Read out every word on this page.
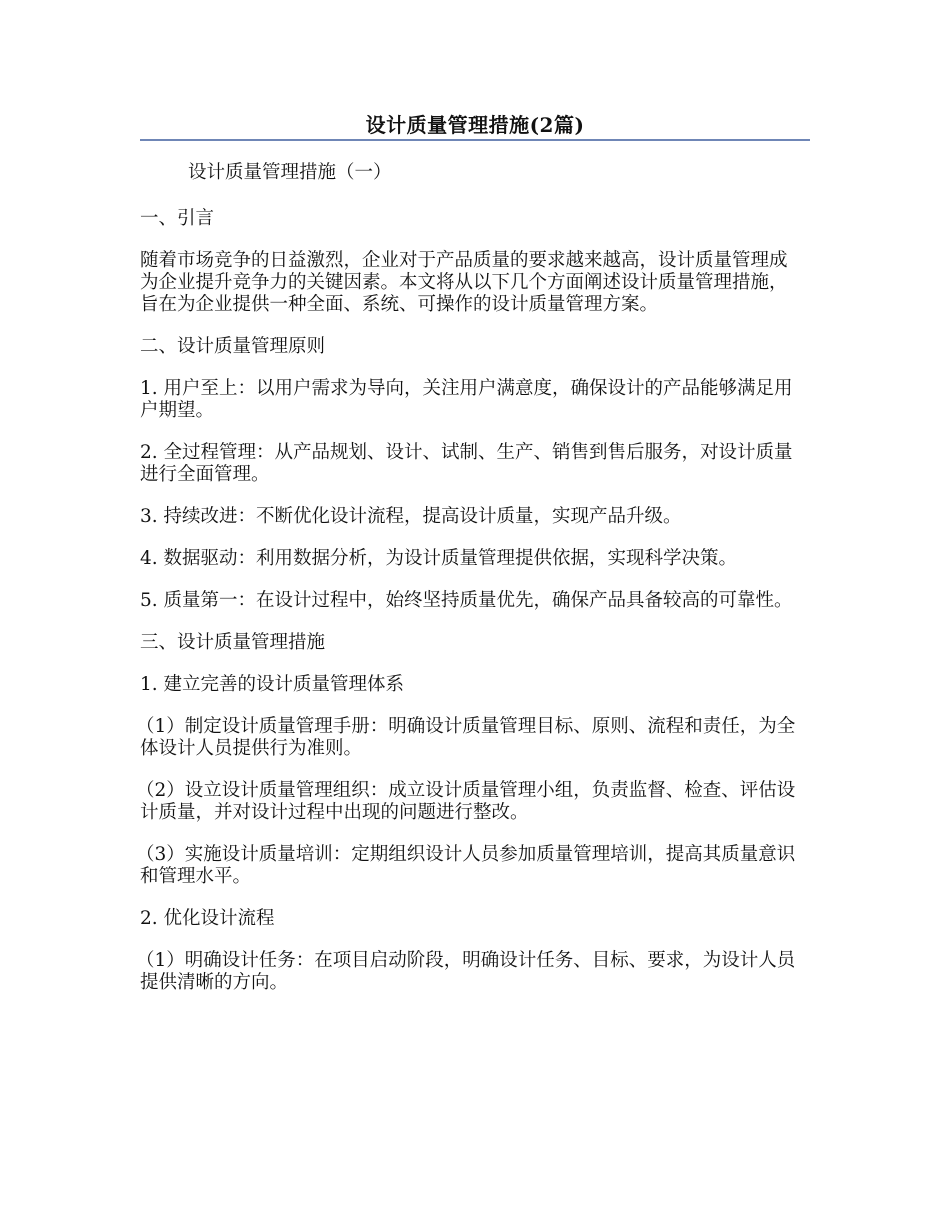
设计质量管理措施(2篇)

设计质量管理措施（一）

一、引言

随着市场竞争的日益激烈，企业对于产品质量的要求越来越高，设计质量管理成为企业提升竞争力的关键因素。本文将从以下几个方面阐述设计质量管理措施，旨在为企业提供一种全面、系统、可操作的设计质量管理方案。

二、设计质量管理原则

1. 用户至上：以用户需求为导向，关注用户满意度，确保设计的产品能够满足用户期望。

2. 全过程管理：从产品规划、设计、试制、生产、销售到售后服务，对设计质量进行全面管理。

3. 持续改进：不断优化设计流程，提高设计质量，实现产品升级。

4. 数据驱动：利用数据分析，为设计质量管理提供依据，实现科学决策。

5. 质量第一：在设计过程中，始终坚持质量优先，确保产品具备较高的可靠性。

三、设计质量管理措施

1. 建立完善的设计质量管理体系

（1）制定设计质量管理手册：明确设计质量管理目标、原则、流程和责任，为全体设计人员提供行为准则。

（2）设立设计质量管理组织：成立设计质量管理小组，负责监督、检查、评估设计质量，并对设计过程中出现的问题进行整改。

（3）实施设计质量培训：定期组织设计人员参加质量管理培训，提高其质量意识和管理水平。

2. 优化设计流程

（1）明确设计任务：在项目启动阶段，明确设计任务、目标、要求，为设计人员提供清晰的方向。
